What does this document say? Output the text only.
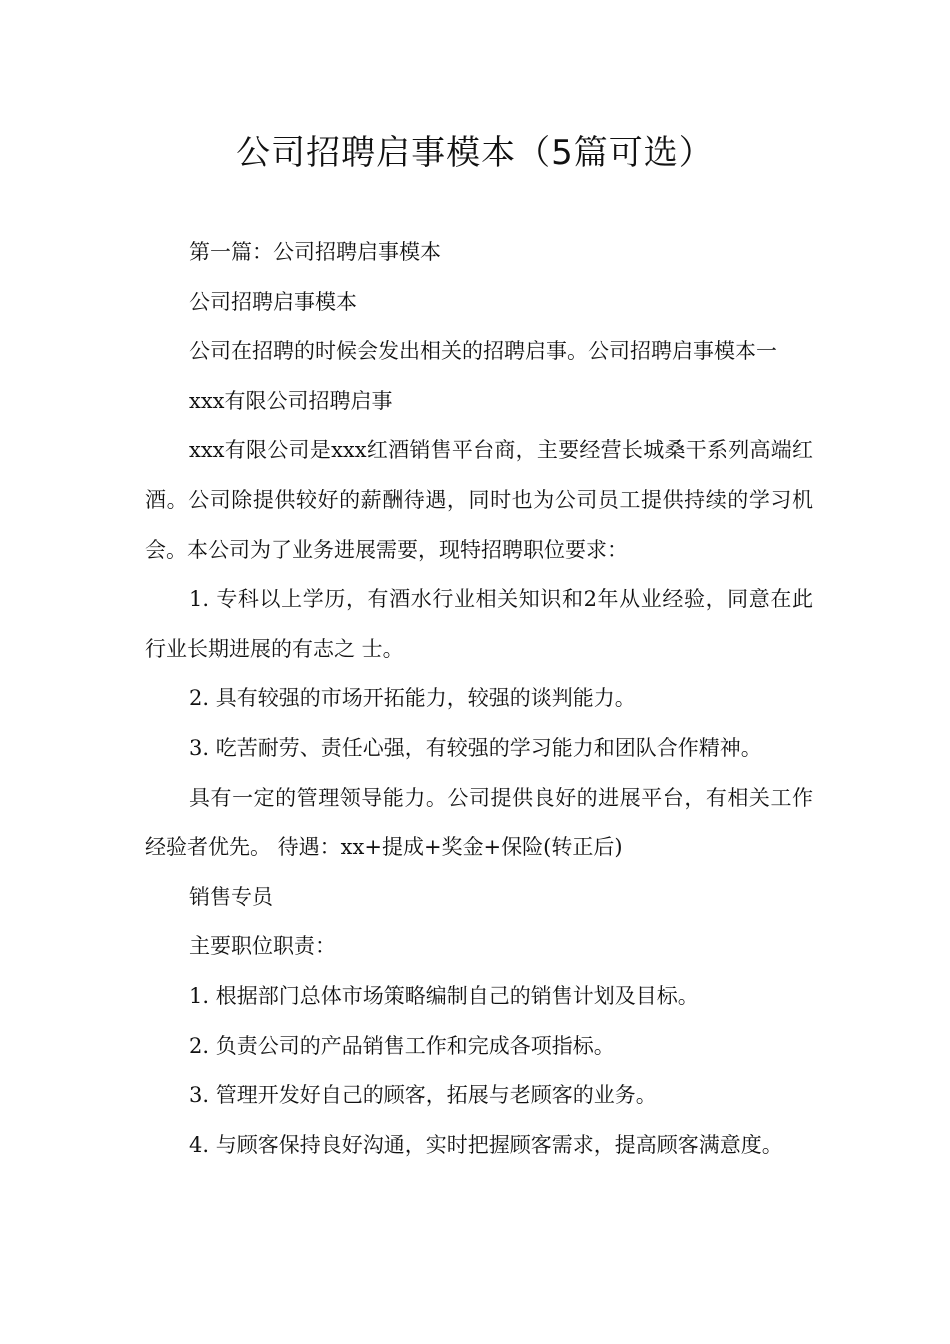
公司招聘启事模本（5篇可选）

第一篇：公司招聘启事模本

公司招聘启事模本

公司在招聘的时候会发出相关的招聘启事。公司招聘启事模本一

xxx有限公司招聘启事

xxx有限公司是xxx红酒销售平台商，主要经营长城桑干系列高端红酒。公司除提供较好的薪酬待遇，同时也为公司员工提供持续的学习机会。本公司为了业务进展需要，现特招聘职位要求：

1. 专科以上学历，有酒水行业相关知识和2年从业经验，同意在此行业长期进展的有志之 士。

2. 具有较强的市场开拓能力，较强的谈判能力。

3. 吃苦耐劳、责任心强，有较强的学习能力和团队合作精神。

具有一定的管理领导能力。公司提供良好的进展平台，有相关工作经验者优先。 待遇：xx+提成+奖金+保险(转正后)

销售专员

主要职位职责：

1. 根据部门总体市场策略编制自己的销售计划及目标。

2. 负责公司的产品销售工作和完成各项指标。

3. 管理开发好自己的顾客，拓展与老顾客的业务。

4. 与顾客保持良好沟通，实时把握顾客需求，提高顾客满意度。
